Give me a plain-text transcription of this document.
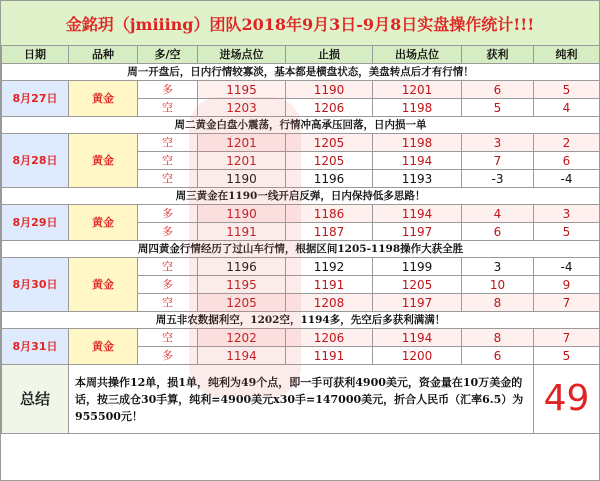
金銘玥（jmiiing）团队2018年9月3日-9月8日实盘操作统计!!!
日期	品种	多/空	进场点位	止损	出场点位	获利	纯利
周一开盘后，日内行情较寡淡，基本都是横盘状态，美盘转点后才有行情！							
8月27日	黄金	多	1195	1190	1201	6	5
		空	1203	1206	1198	5	4
周二黄金白盘小震荡，行情冲高承压回落，日内损一单							
8月28日	黄金	空	1201	1205	1198	3	2
		空	1201	1205	1194	7	6
		空	1190	1196	1193	-3	-4
周三黄金在1190一线开启反弹，日内保持低多思路！							
8月29日	黄金	多	1190	1186	1194	4	3
		多	1191	1187	1197	6	5
周四黄金行情经历了过山车行情，根据区间1205-1198操作大获全胜							
8月30日	黄金	空	1196	1192	1199	3	-4
		多	1195	1191	1205	10	9
		空	1205	1208	1197	8	7
周五非农数据利空，1202空，1194多，先空后多获利满满！							
8月31日	黄金	空	1202	1206	1194	8	7
		多	1194	1191	1200	6	5
总结	本周共操作12单，损1单，纯利为49个点，即一手可获利4900美元，资金量在10万美金的话，按三成仓30手算，纯利=4900美元x30手=147000美元，折合人民币（汇率6.5）为955500元！						49
